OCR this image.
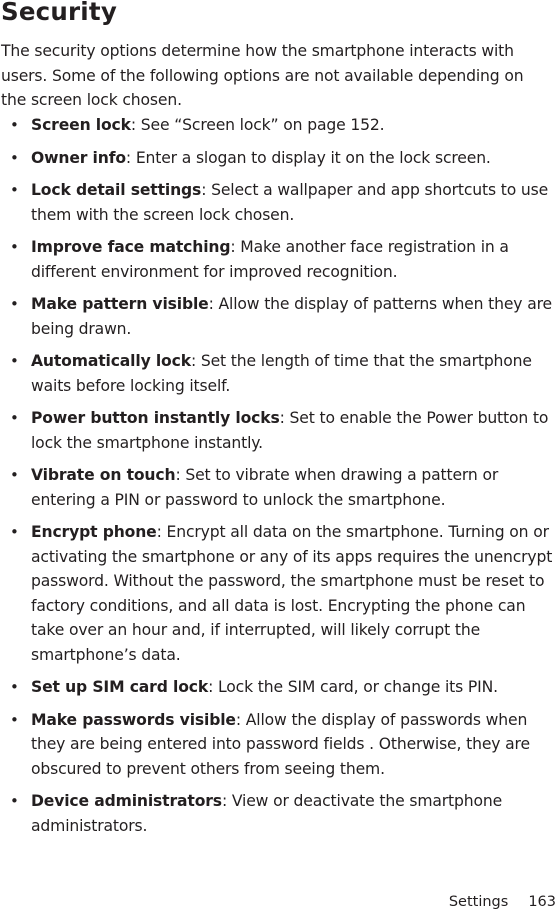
Security

The security options determine how the smartphone interacts with users. Some of the following options are not available depending on the screen lock chosen.

• Screen lock: See “Screen lock” on page 152.
• Owner info: Enter a slogan to display it on the lock screen.
• Lock detail settings: Select a wallpaper and app shortcuts to use them with the screen lock chosen.
• Improve face matching: Make another face registration in a different environment for improved recognition.
• Make pattern visible: Allow the display of patterns when they are being drawn.
• Automatically lock: Set the length of time that the smartphone waits before locking itself.
• Power button instantly locks: Set to enable the Power button to lock the smartphone instantly.
• Vibrate on touch: Set to vibrate when drawing a pattern or entering a PIN or password to unlock the smartphone.
• Encrypt phone: Encrypt all data on the smartphone. Turning on or activating the smartphone or any of its apps requires the unencrypt password. Without the password, the smartphone must be reset to factory conditions, and all data is lost. Encrypting the phone can take over an hour and, if interrupted, will likely corrupt the smartphone’s data.
• Set up SIM card lock: Lock the SIM card, or change its PIN.
• Make passwords visible: Allow the display of passwords when they are being entered into password fields . Otherwise, they are obscured to prevent others from seeing them.
• Device administrators: View or deactivate the smartphone administrators.
Settings 163
